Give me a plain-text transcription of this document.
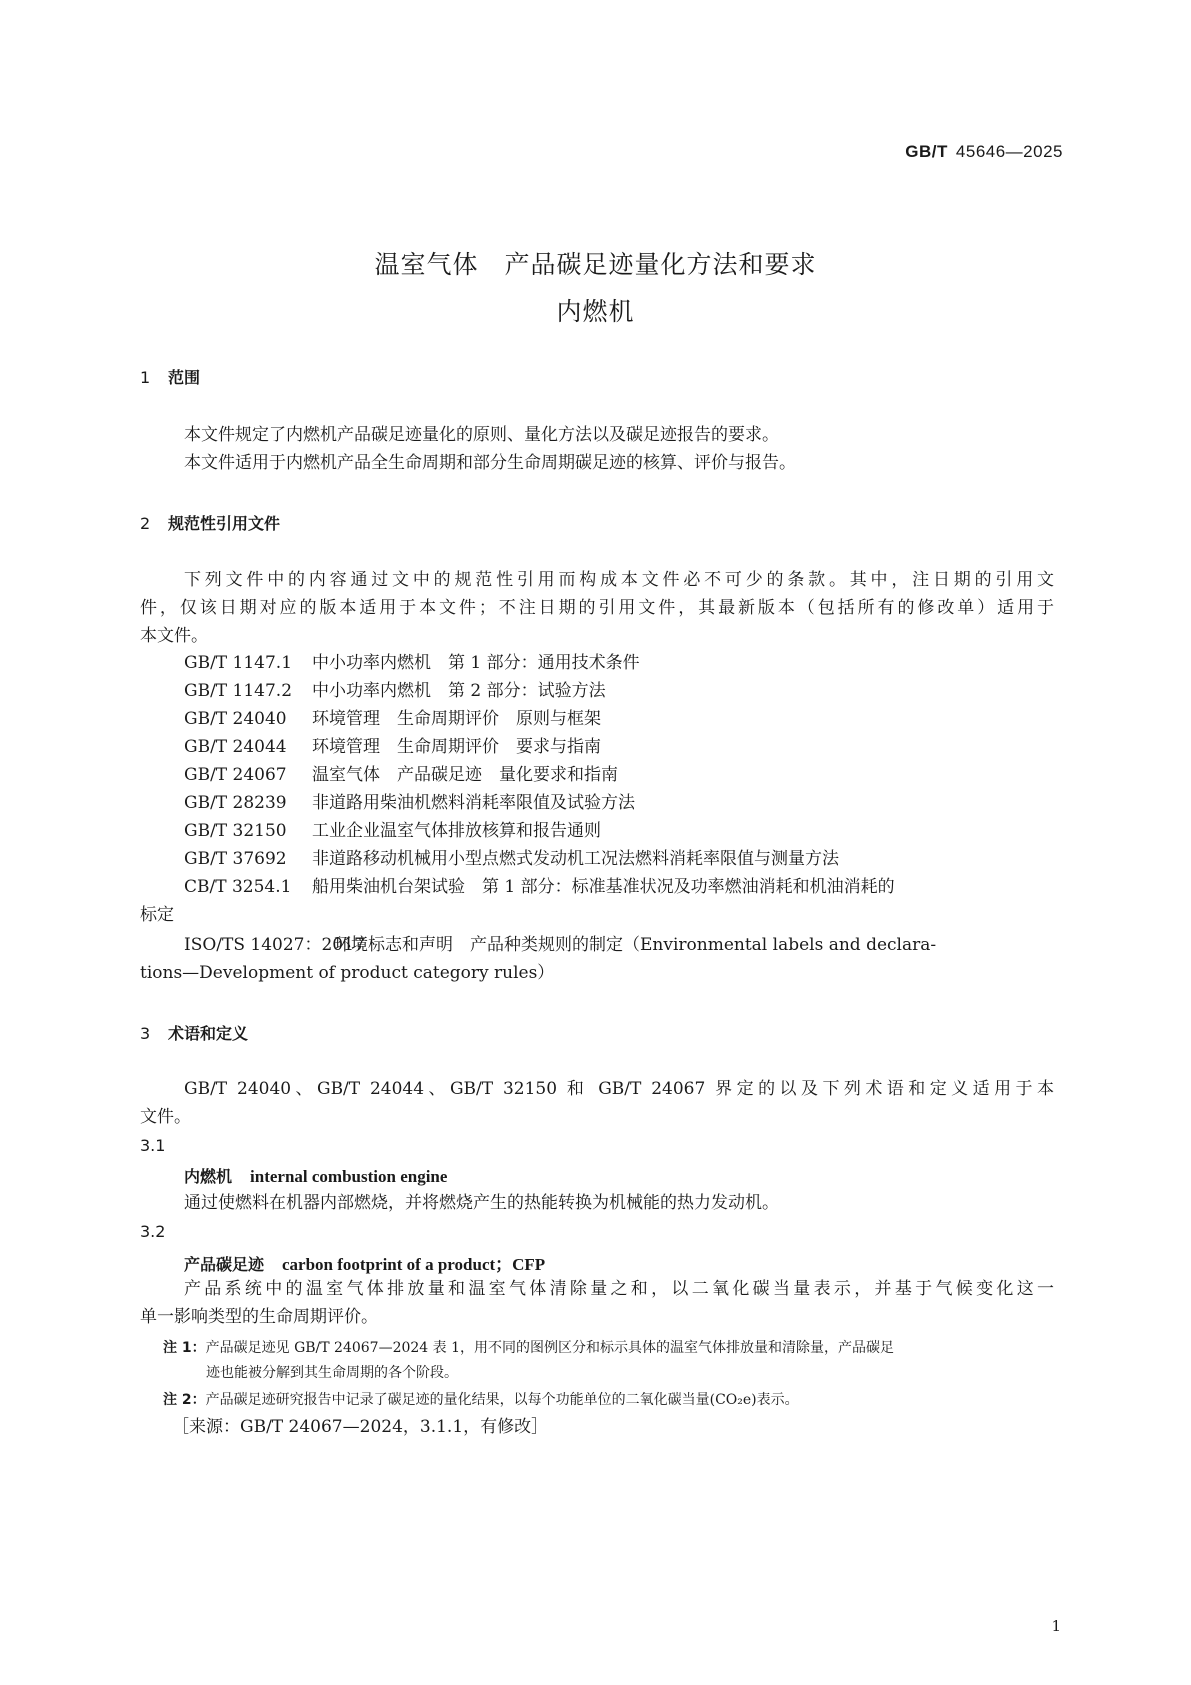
GB/T 45646—2025
温室气体　产品碳足迹量化方法和要求
内燃机
1 范围
本文件规定了内燃机产品碳足迹量化的原则、量化方法以及碳足迹报告的要求。
本文件适用于内燃机产品全生命周期和部分生命周期碳足迹的核算、评价与报告。
2 规范性引用文件
下列文件中的内容通过文中的规范性引用而构成本文件必不可少的条款。其中，注日期的引用文
件，仅该日期对应的版本适用于本文件；不注日期的引用文件，其最新版本（包括所有的修改单）适用于
本文件。
GB/T 1147.1 中小功率内燃机　第 1 部分：通用技术条件
GB/T 1147.2 中小功率内燃机　第 2 部分：试验方法
GB/T 24040 环境管理　生命周期评价　原则与框架
GB/T 24044 环境管理　生命周期评价　要求与指南
GB/T 24067 温室气体　产品碳足迹　量化要求和指南
GB/T 28239 非道路用柴油机燃料消耗率限值及试验方法
GB/T 32150 工业企业温室气体排放核算和报告通则
GB/T 37692 非道路移动机械用小型点燃式发动机工况法燃料消耗率限值与测量方法
CB/T 3254.1 船用柴油机台架试验　第 1 部分：标准基准状况及功率燃油消耗和机油消耗的
标定
ISO/TS 14027：2017环境标志和声明　产品种类规则的制定（Environmental labels and declara-
tions—Development of product category rules）
3 术语和定义
GB/T 24040、GB/T 24044、GB/T 32150 和 GB/T 24067 界定的以及下列术语和定义适用于本
文件。
3.1
内燃机 internal combustion engine
通过使燃料在机器内部燃烧，并将燃烧产生的热能转换为机械能的热力发动机。
3.2
产品碳足迹 carbon footprint of a product；CFP
产品系统中的温室气体排放量和温室气体清除量之和，以二氧化碳当量表示，并基于气候变化这一
单一影响类型的生命周期评价。
注 1：产品碳足迹见 GB/T 24067—2024 表 1，用不同的图例区分和标示具体的温室气体排放量和清除量，产品碳足
迹也能被分解到其生命周期的各个阶段。
注 2：产品碳足迹研究报告中记录了碳足迹的量化结果，以每个功能单位的二氧化碳当量(CO₂e)表示。
［来源：GB/T 24067—2024，3.1.1，有修改］
1
